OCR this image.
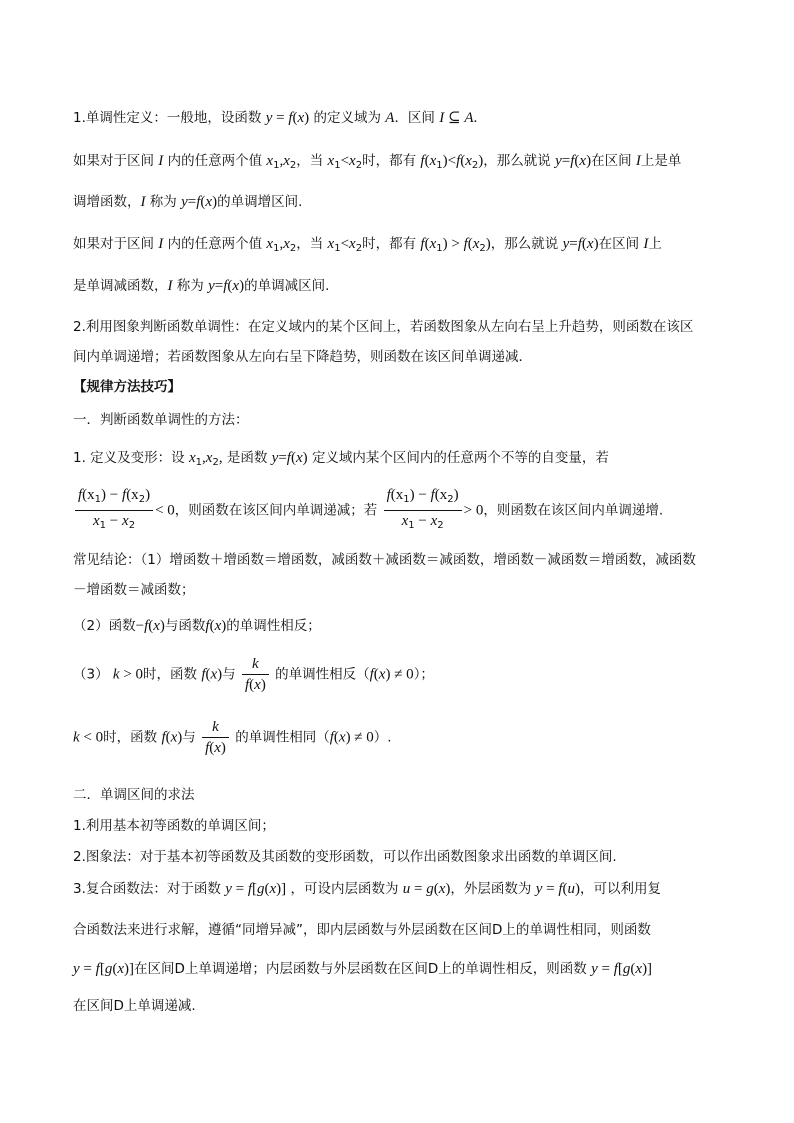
1.单调性定义：一般地，设函数 y = f(x) 的定义域为 A．区间 I ⊆ A.
如果对于区间 I 内的任意两个值 $x_1,x_2$，当 $x_1<x_2$时，都有 $f(x_1)<f(x_2)$，那么就说 y=f(x)在区间 I上是单
调增函数，I 称为 y=f(x)的单调增区间.
如果对于区间 I 内的任意两个值 $x_1,x_2$，当 $x_1<x_2$时，都有 $f(x_1) > f(x_2)$，那么就说 y=f(x)在区间 I上
是单调减函数，I 称为 y=f(x)的单调减区间.
2.利用图象判断函数单调性：在定义域内的某个区间上，若函数图象从左向右呈上升趋势，则函数在该区
间内单调递增；若函数图象从左向右呈下降趋势，则函数在该区间单调递减．
【规律方法技巧】
一．判断函数单调性的方法：
1. 定义及变形：设 $x_1,x_2$, 是函数 y=f(x) 定义域内某个区间内的任意两个不等的自变量，若
$\frac{f(x_1) - f(x_2)}{x_1 - x_2} < 0$，则函数在该区间内单调递减；若 $\frac{f(x_1) - f(x_2)}{x_1 - x_2} > 0$，则函数在该区间内单调递增.
常见结论：（1）增函数＋增函数＝增函数，减函数＋减函数＝减函数，增函数－减函数＝增函数，减函数
－增函数＝减函数；
（2）函数−f(x)与函数f(x)的单调性相反；
（3） k > 0时，函数 f(x)与 $\frac{k}{f(x)}$ 的单调性相反（f(x) ≠ 0）；
k < 0时，函数 f(x)与 $\frac{k}{f(x)}$ 的单调性相同（f(x) ≠ 0）.
二．单调区间的求法
1.利用基本初等函数的单调区间；
2.图象法：对于基本初等函数及其函数的变形函数，可以作出函数图象求出函数的单调区间.
3.复合函数法：对于函数 y = f[g(x)] ，可设内层函数为 u = g(x)，外层函数为 y = f(u)，可以利用复
合函数法来进行求解，遵循“同增异减”，即内层函数与外层函数在区间D上的单调性相同，则函数
y = f[g(x)]在区间D上单调递增；内层函数与外层函数在区间D上的单调性相反，则函数 y = f[g(x)]
在区间D上单调递减.
